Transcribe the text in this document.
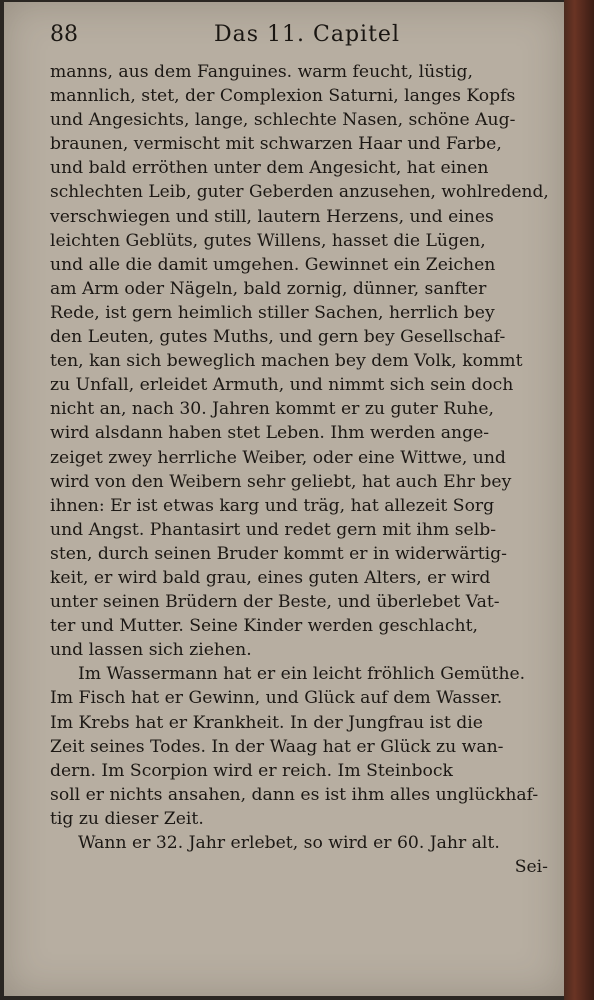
88	Das 11. Capitel
manns, aus dem Fanguines. warm feucht, lüstig,
mannlich, stet, der Complexion Saturni, langes Kopfs
und Angesichts, lange, schlechte Nasen, schöne Aug-
braunen, vermischt mit schwarzen Haar und Farbe,
und bald erröthen unter dem Angesicht, hat einen
schlechten Leib, guter Geberden anzusehen, wohlredend,
verschwiegen und still, lautern Herzens, und eines
leichten Geblüts, gutes Willens, hasset die Lügen,
und alle die damit umgehen. Gewinnet ein Zeichen
am Arm oder Nägeln, bald zornig, dünner, sanfter
Rede, ist gern heimlich stiller Sachen, herrlich bey
den Leuten, gutes Muths, und gern bey Gesellschaf-
ten, kan sich beweglich machen bey dem Volk, kommt
zu Unfall, erleidet Armuth, und nimmt sich sein doch
nicht an, nach 30. Jahren kommt er zu guter Ruhe,
wird alsdann haben stet Leben. Ihm werden ange-
zeiget zwey herrliche Weiber, oder eine Wittwe, und
wird von den Weibern sehr geliebt, hat auch Ehr bey
ihnen: Er ist etwas karg und träg, hat allezeit Sorg
und Angst. Phantasirt und redet gern mit ihm selb-
sten, durch seinen Bruder kommt er in widerwärtig-
keit, er wird bald grau, eines guten Alters, er wird
unter seinen Brüdern der Beste, und überlebet Vat-
ter und Mutter. Seine Kinder werden geschlacht,
und lassen sich ziehen.
Im Wassermann hat er ein leicht fröhlich Gemüthe.
Im Fisch hat er Gewinn, und Glück auf dem Wasser.
Im Krebs hat er Krankheit. In der Jungfrau ist die
Zeit seines Todes. In der Waag hat er Glück zu wan-
dern. Im Scorpion wird er reich. Im Steinbock
soll er nichts ansahen, dann es ist ihm alles unglückhaf-
tig zu dieser Zeit.
Wann er 32. Jahr erlebet, so wird er 60. Jahr alt.
Sei-
